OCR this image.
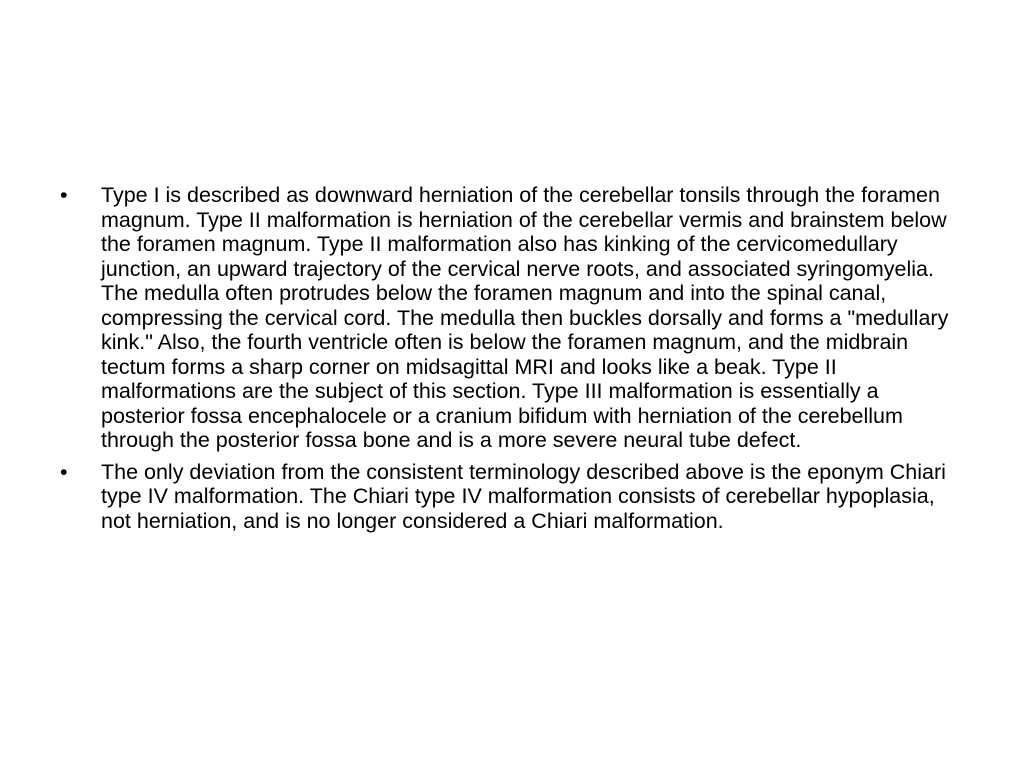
•	Type I is described as downward herniation of the cerebellar tonsils through the foramen magnum. Type II malformation is herniation of the cerebellar vermis and brainstem below the foramen magnum. Type II malformation also has kinking of the cervicomedullary junction, an upward trajectory of the cervical nerve roots, and associated syringomyelia. The medulla often protrudes below the foramen magnum and into the spinal canal, compressing the cervical cord. The medulla then buckles dorsally and forms a "medullary kink." Also, the fourth ventricle often is below the foramen magnum, and the midbrain tectum forms a sharp corner on midsagittal MRI and looks like a beak. Type II malformations are the subject of this section. Type III malformation is essentially a posterior fossa encephalocele or a cranium bifidum with herniation of the cerebellum through the posterior fossa bone and is a more severe neural tube defect.
•	The only deviation from the consistent terminology described above is the eponym Chiari type IV malformation. The Chiari type IV malformation consists of cerebellar hypoplasia, not herniation, and is no longer considered a Chiari malformation.
